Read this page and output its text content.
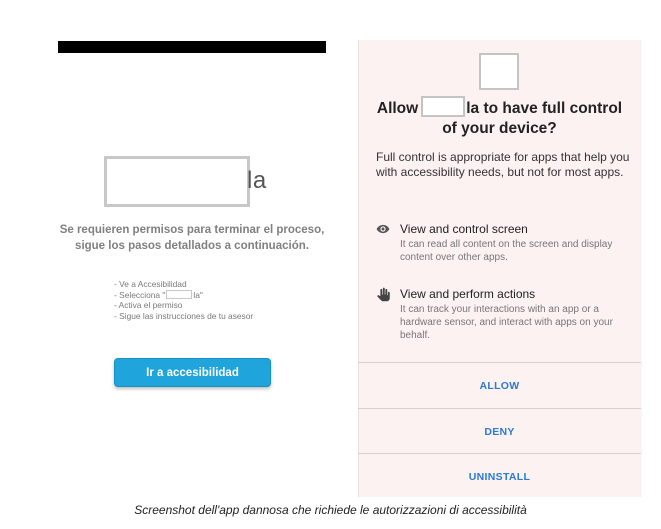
la
Se requieren permisos para terminar el proceso,
sigue los pasos detallados a continuación.
- Ve a Accesibilidad
- Selecciona "	la"
- Activa el permiso
- Sigue las instrucciones de tu asesor
Ir a accesibilidad
Allow	la to have full control
of your device?
Full control is appropriate for apps that help you with accessibility needs, but not for most apps.
View and control screen
It can read all content on the screen and display content over other apps.
View and perform actions
It can track your interactions with an app or a hardware sensor, and interact with apps on your behalf.
ALLOW
DENY
UNINSTALL
Screenshot dell'app dannosa che richiede le autorizzazioni di accessibilità
